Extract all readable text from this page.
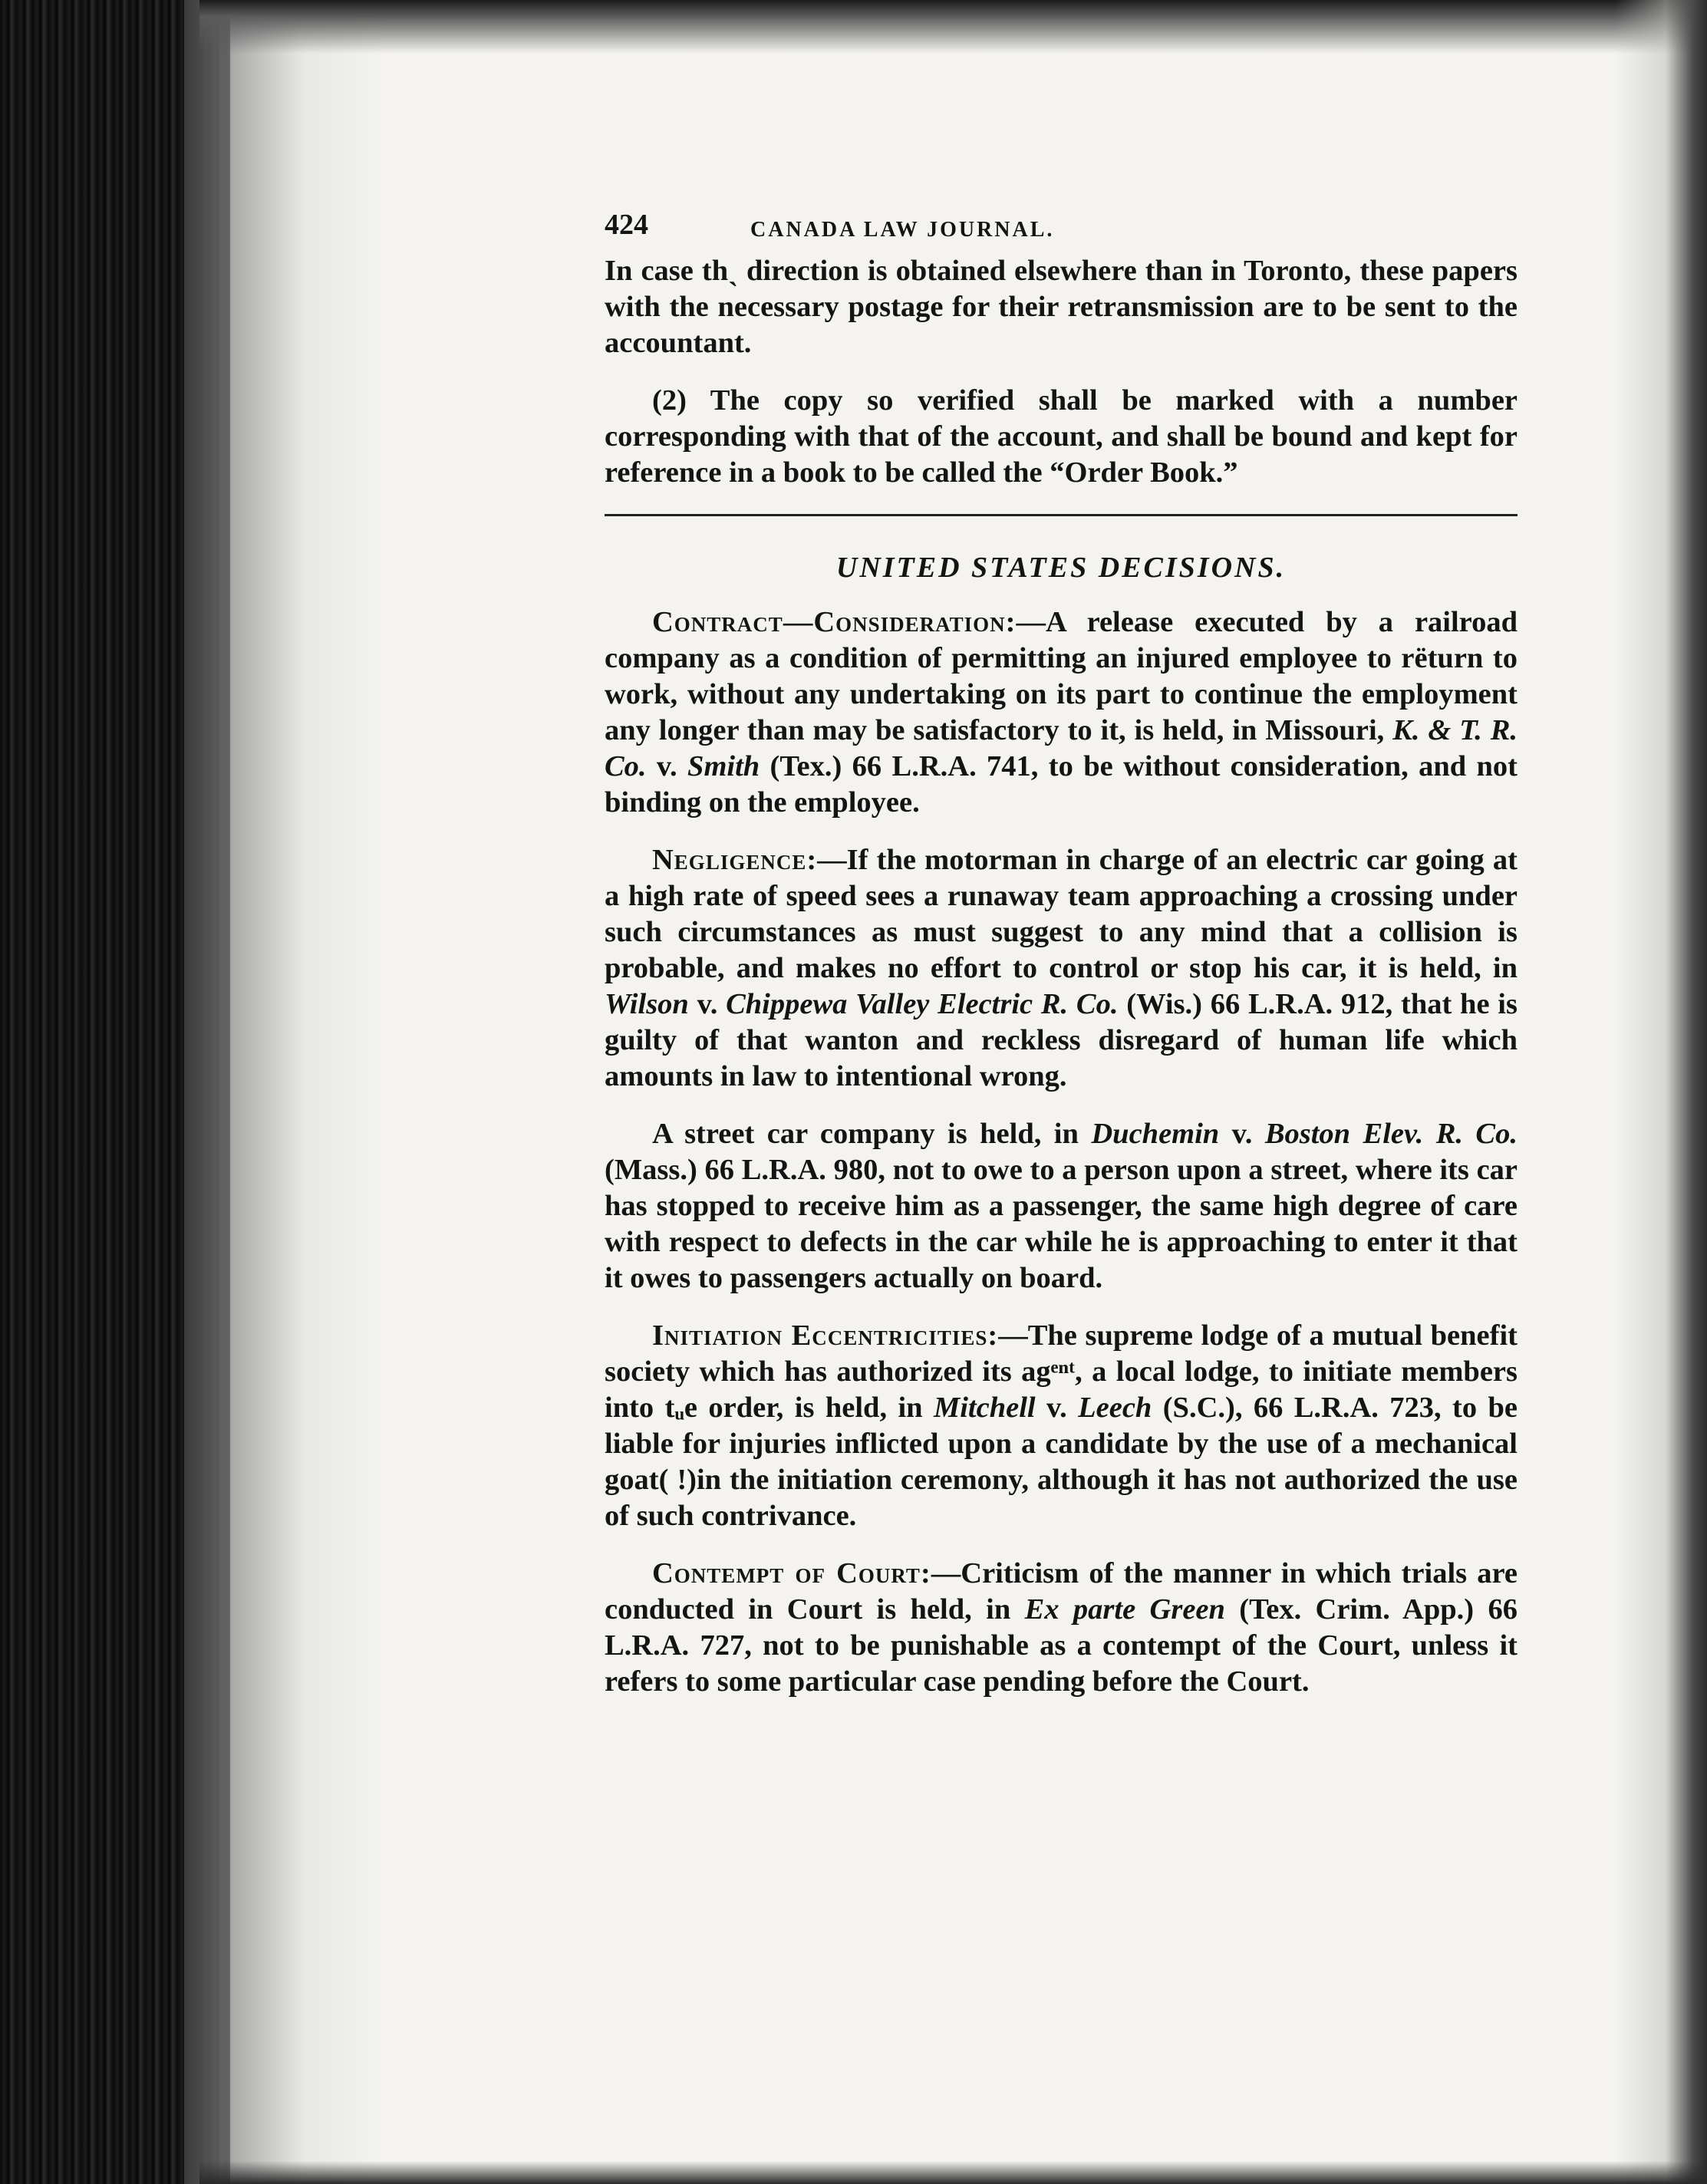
424	CANADA LAW JOURNAL.

In case thˎ direction is obtained elsewhere than in Toronto, these papers with the necessary postage for their retransmission are to be sent to the accountant.

(2) The copy so verified shall be marked with a number corresponding with that of the account, and shall be bound and kept for reference in a book to be called the “Order Book.”

UNITED STATES DECISIONS.

Contract—Consideration:—A release executed by a railroad company as a condition of permitting an injured employee to rëturn to work, without any undertaking on its part to continue the employment any longer than may be satisfactory to it, is held, in Missouri, K. & T. R. Co. v. Smith (Tex.) 66 L.R.A. 741, to be without consideration, and not binding on the employee.

Negligence:—If the motorman in charge of an electric car going at a high rate of speed sees a runaway team approaching a crossing under such circumstances as must suggest to any mind that a collision is probable, and makes no effort to control or stop his car, it is held, in Wilson v. Chippewa Valley Electric R. Co. (Wis.) 66 L.R.A. 912, that he is guilty of that wanton and reckless disregard of human life which amounts in law to intentional wrong.

A street car company is held, in Duchemin v. Boston Elev. R. Co. (Mass.) 66 L.R.A. 980, not to owe to a person upon a street, where its car has stopped to receive him as a passenger, the same high degree of care with respect to defects in the car while he is approaching to enter it that it owes to passengers actually on board.

Initiation Eccentricities:—The supreme lodge of a mutual benefit society which has authorized its agᵉⁿᵗ, a local lodge, to initiate members into tᵤe order, is held, in Mitchell v. Leech (S.C.), 66 L.R.A. 723, to be liable for injuries inflicted upon a candidate by the use of a mechanical goat( !)in the initiation ceremony, although it has not authorized the use of such contrivance.

Contempt of Court:—Criticism of the manner in which trials are conducted in Court is held, in Ex parte Green (Tex. Crim. App.) 66 L.R.A. 727, not to be punishable as a contempt of the Court, unless it refers to some particular case pending before the Court.
